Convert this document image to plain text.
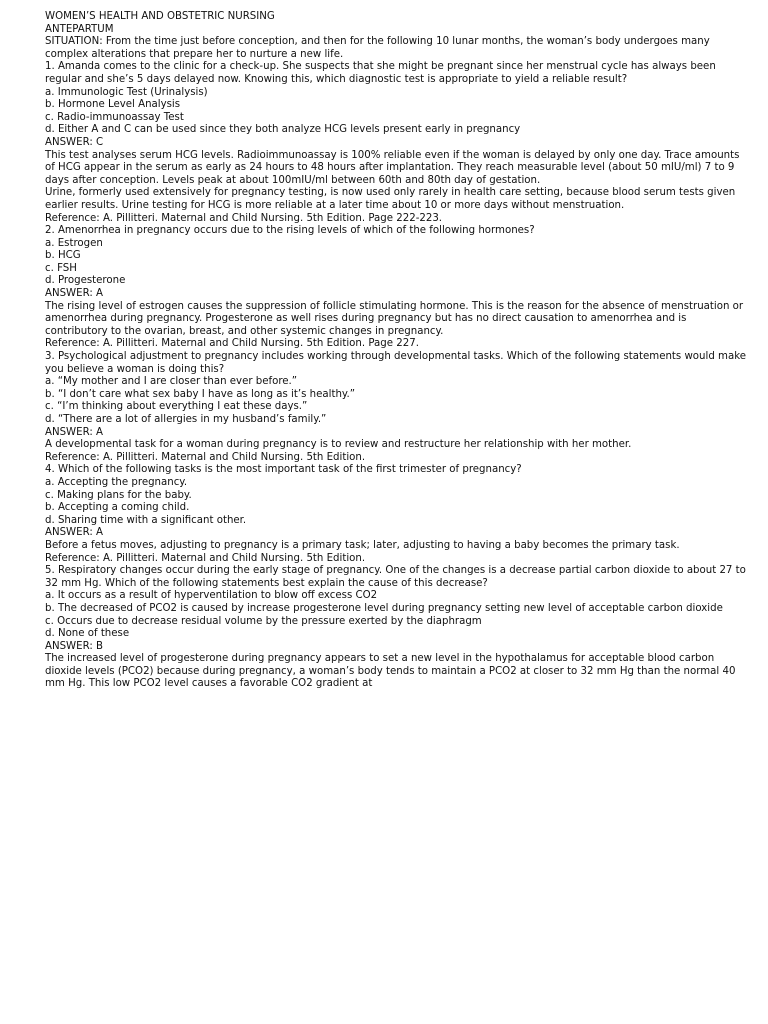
WOMEN’S HEALTH AND OBSTETRIC NURSING

ANTEPARTUM

SITUATION: From the time just before conception, and then for the following 10 lunar months, the woman’s body undergoes many complex alterations that prepare her to nurture a new life.

1. Amanda comes to the clinic for a check-up. She suspects that she might be pregnant since her menstrual cycle has always been regular and she’s 5 days delayed now. Knowing this, which diagnostic test is appropriate to yield a reliable result?

a. Immunologic Test (Urinalysis)

b. Hormone Level Analysis

c. Radio-immunoassay Test

d. Either A and C can be used since they both analyze HCG levels present early in pregnancy

ANSWER: C

This test analyses serum HCG levels. Radioimmunoassay is 100% reliable even if the woman is delayed by only one day. Trace amounts of HCG appear in the serum as early as 24 hours to 48 hours after implantation. They reach measurable level (about 50 mIU/ml) 7 to 9 days after conception. Levels peak at about 100mIU/ml between 60th and 80th day of gestation.

Urine, formerly used extensively for pregnancy testing, is now used only rarely in health care setting, because blood serum tests given earlier results. Urine testing for HCG is more reliable at a later time about 10 or more days without menstruation.

Reference: A. Pillitteri. Maternal and Child Nursing. 5th Edition. Page 222-223.

2. Amenorrhea in pregnancy occurs due to the rising levels of which of the following hormones?

a. Estrogen

b. HCG

c. FSH

d. Progesterone

ANSWER: A

The rising level of estrogen causes the suppression of follicle stimulating hormone. This is the reason for the absence of menstruation or amenorrhea during pregnancy. Progesterone as well rises during pregnancy but has no direct causation to amenorrhea and is contributory to the ovarian, breast, and other systemic changes in pregnancy.

Reference: A. Pillitteri. Maternal and Child Nursing. 5th Edition. Page 227.

3. Psychological adjustment to pregnancy includes working through developmental tasks. Which of the following statements would make you believe a woman is doing this?

a. “My mother and I are closer than ever before.”

b. “I don’t care what sex baby I have as long as it’s healthy.”

c. “I’m thinking about everything I eat these days.”

d. “There are a lot of allergies in my husband’s family.”

ANSWER: A

A developmental task for a woman during pregnancy is to review and restructure her relationship with her mother.

Reference: A. Pillitteri. Maternal and Child Nursing. 5th Edition.

4. Which of the following tasks is the most important task of the first trimester of pregnancy?

a. Accepting the pregnancy.

c. Making plans for the baby.

b. Accepting a coming child.

d. Sharing time with a significant other.

ANSWER: A

Before a fetus moves, adjusting to pregnancy is a primary task; later, adjusting to having a baby becomes the primary task.

Reference: A. Pillitteri. Maternal and Child Nursing. 5th Edition.

5. Respiratory changes occur during the early stage of pregnancy. One of the changes is a decrease partial carbon dioxide to about 27 to 32 mm Hg. Which of the following statements best explain the cause of this decrease?

a. It occurs as a result of hyperventilation to blow off excess CO2

b. The decreased of PCO2 is caused by increase progesterone level during pregnancy setting new level of acceptable carbon dioxide

c. Occurs due to decrease residual volume by the pressure exerted by the diaphragm

d. None of these

ANSWER: B

The increased level of progesterone during pregnancy appears to set a new level in the hypothalamus for acceptable blood carbon dioxide levels (PCO2) because during pregnancy, a woman’s body tends to maintain a PCO2 at closer to 32 mm Hg than the normal 40 mm Hg. This low PCO2 level causes a favorable CO2 gradient at
